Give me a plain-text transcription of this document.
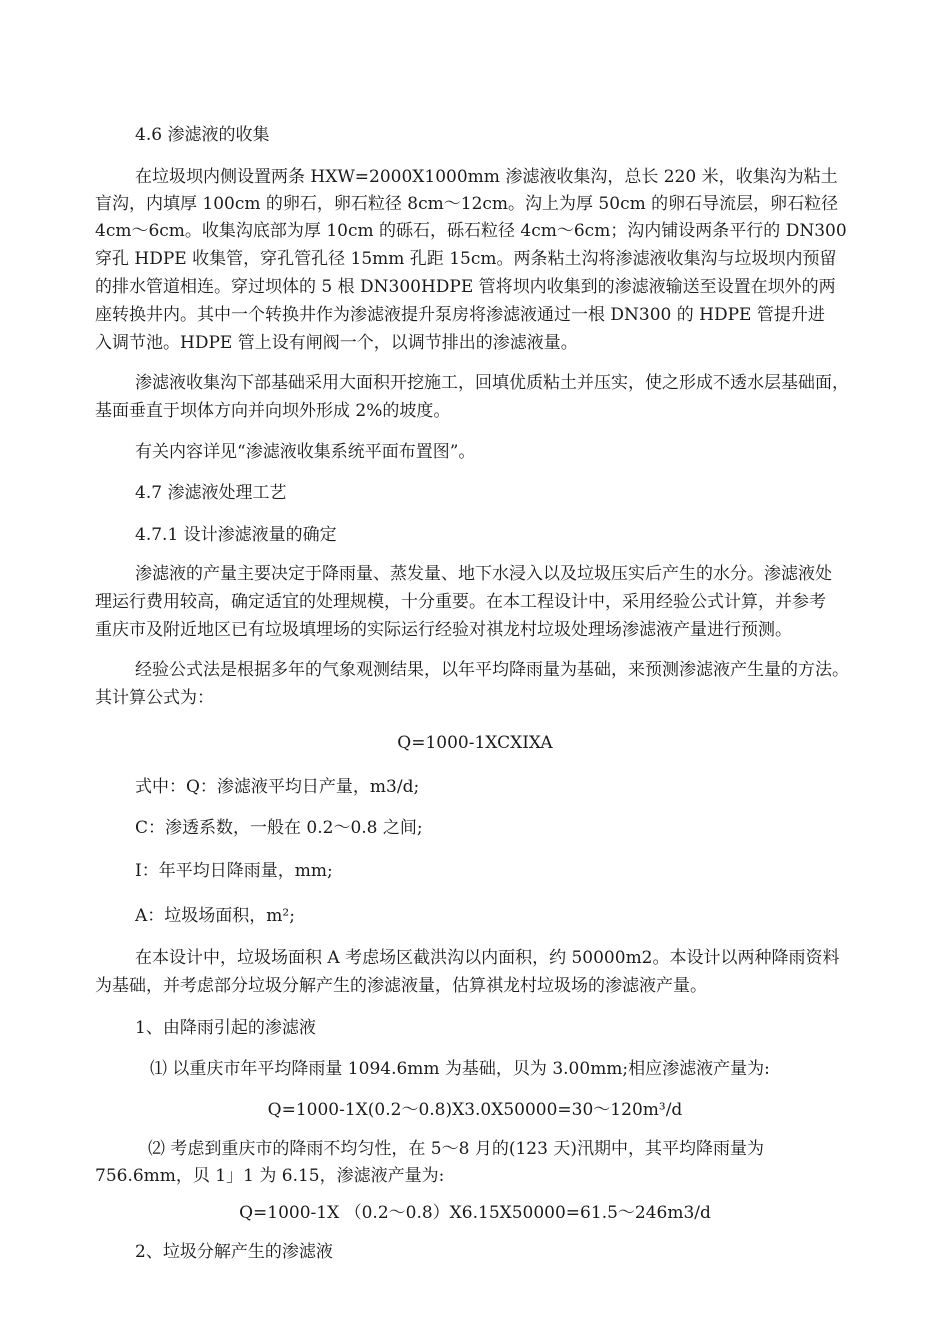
4.6 渗滤液的收集
在垃圾坝内侧设置两条 HXW=2000X1000mm 渗滤液收集沟，总长 220 米，收集沟为粘土
盲沟，内填厚 100cm 的卵石，卵石粒径 8cm～12cm。沟上为厚 50cm 的卵石导流层，卵石粒径
4cm～6cm。收集沟底部为厚 10cm 的砾石，砾石粒径 4cm～6cm；沟内铺设两条平行的 DN300
穿孔 HDPE 收集管，穿孔管孔径 15mm 孔距 15cm。两条粘土沟将渗滤液收集沟与垃圾坝内预留
的排水管道相连。穿过坝体的 5 根 DN300HDPE 管将坝内收集到的渗滤液输送至设置在坝外的两
座转换井内。其中一个转换井作为渗滤液提升泵房将渗滤液通过一根 DN300 的 HDPE 管提升进
入调节池。HDPE 管上设有闸阀一个，以调节排出的渗滤液量。
渗滤液收集沟下部基础采用大面积开挖施工，回填优质粘土并压实，使之形成不透水层基础面，
基面垂直于坝体方向并向坝外形成 2%的坡度。
有关内容详见“渗滤液收集系统平面布置图”。
4.7 渗滤液处理工艺
4.7.1 设计渗滤液量的确定
渗滤液的产量主要决定于降雨量、蒸发量、地下水浸入以及垃圾压实后产生的水分。渗滤液处
理运行费用较高，确定适宜的处理规模，十分重要。在本工程设计中，采用经验公式计算，并参考
重庆市及附近地区已有垃圾填埋场的实际运行经验对祺龙村垃圾处理场渗滤液产量进行预测。
经验公式法是根据多年的气象观测结果，以年平均降雨量为基础，来预测渗滤液产生量的方法。
其计算公式为：
Q=1000-1XCXIXA
式中：Q：渗滤液平均日产量，m3/d;
C：渗透系数，一般在 0.2～0.8 之间;
I：年平均日降雨量，mm;
A：垃圾场面积，m²;
在本设计中，垃圾场面积 A 考虑场区截洪沟以内面积，约 50000m2。本设计以两种降雨资料
为基础，并考虑部分垃圾分解产生的渗滤液量，估算祺龙村垃圾场的渗滤液产量。
1、由降雨引起的渗滤液
⑴ 以重庆市年平均降雨量 1094.6mm 为基础，贝为 3.00mm;相应渗滤液产量为:
Q=1000-1X(0.2～0.8)X3.0X50000=30～120m³/d
⑵ 考虑到重庆市的降雨不均匀性，在 5～8 月的(123 天)汛期中，其平均降雨量为
756.6mm，贝 1」1 为 6.15，渗滤液产量为:
Q=1000-1X （0.2～0.8）X6.15X50000=61.5～246m3/d
2、垃圾分解产生的渗滤液
